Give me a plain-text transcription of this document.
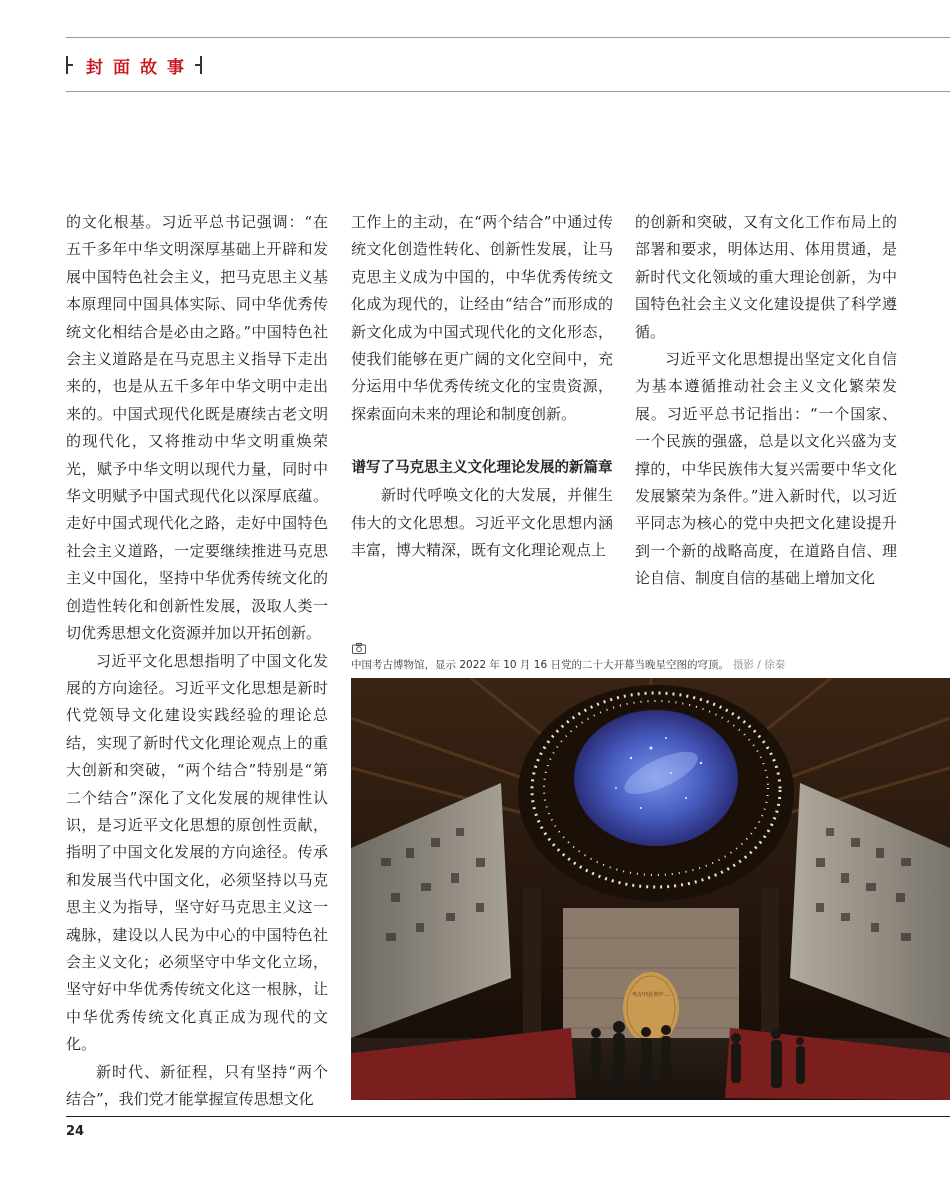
封面故事

的文化根基。习近平总书记强调：“在五千多年中华文明深厚基础上开辟和发展中国特色社会主义，把马克思主义基本原理同中国具体实际、同中华优秀传统文化相结合是必由之路。”中国特色社会主义道路是在马克思主义指导下走出来的，也是从五千多年中华文明中走出来的。中国式现代化既是赓续古老文明的现代化，又将推动中华文明重焕荣光，赋予中华文明以现代力量，同时中华文明赋予中国式现代化以深厚底蕴。走好中国式现代化之路，走好中国特色社会主义道路，一定要继续推进马克思主义中国化，坚持中华优秀传统文化的创造性转化和创新性发展，汲取人类一切优秀思想文化资源并加以开拓创新。

习近平文化思想指明了中国文化发展的方向途径。习近平文化思想是新时代党领导文化建设实践经验的理论总结，实现了新时代文化理论观点上的重大创新和突破，“两个结合”特别是“第二个结合”深化了文化发展的规律性认识，是习近平文化思想的原创性贡献，指明了中国文化发展的方向途径。传承和发展当代中国文化，必须坚持以马克思主义为指导，坚守好马克思主义这一魂脉，建设以人民为中心的中国特色社会主义文化；必须坚守中华文化立场，坚守好中华优秀传统文化这一根脉，让中华优秀传统文化真正成为现代的文化。

新时代、新征程，只有坚持“两个结合”，我们党才能掌握宣传思想文化

工作上的主动，在“两个结合”中通过传统文化创造性转化、创新性发展，让马克思主义成为中国的，中华优秀传统文化成为现代的，让经由“结合”而形成的新文化成为中国式现代化的文化形态，使我们能够在更广阔的文化空间中，充分运用中华优秀传统文化的宝贵资源，探索面向未来的理论和制度创新。

谱写了马克思主义文化理论发展的新篇章

新时代呼唤文化的大发展，并催生伟大的文化思想。习近平文化思想内涵丰富，博大精深，既有文化理论观点上

的创新和突破，又有文化工作布局上的部署和要求，明体达用、体用贯通，是新时代文化领域的重大理论创新，为中国特色社会主义文化建设提供了科学遵循。

习近平文化思想提出坚定文化自信为基本遵循推动社会主义文化繁荣发展。习近平总书记指出：“一个国家、一个民族的强盛，总是以文化兴盛为支撑的，中华民族伟大复兴需要中华文化发展繁荣为条件。”进入新时代，以习近平同志为核心的党中央把文化建设提升到一个新的战略高度，在道路自信、理论自信、制度自信的基础上增加文化

中国考古博物馆，显示 2022 年 10 月 16 日党的二十大开幕当晚星空图的穹顶。 摄影 / 徐秦
考古中国·筑牢 …
24
